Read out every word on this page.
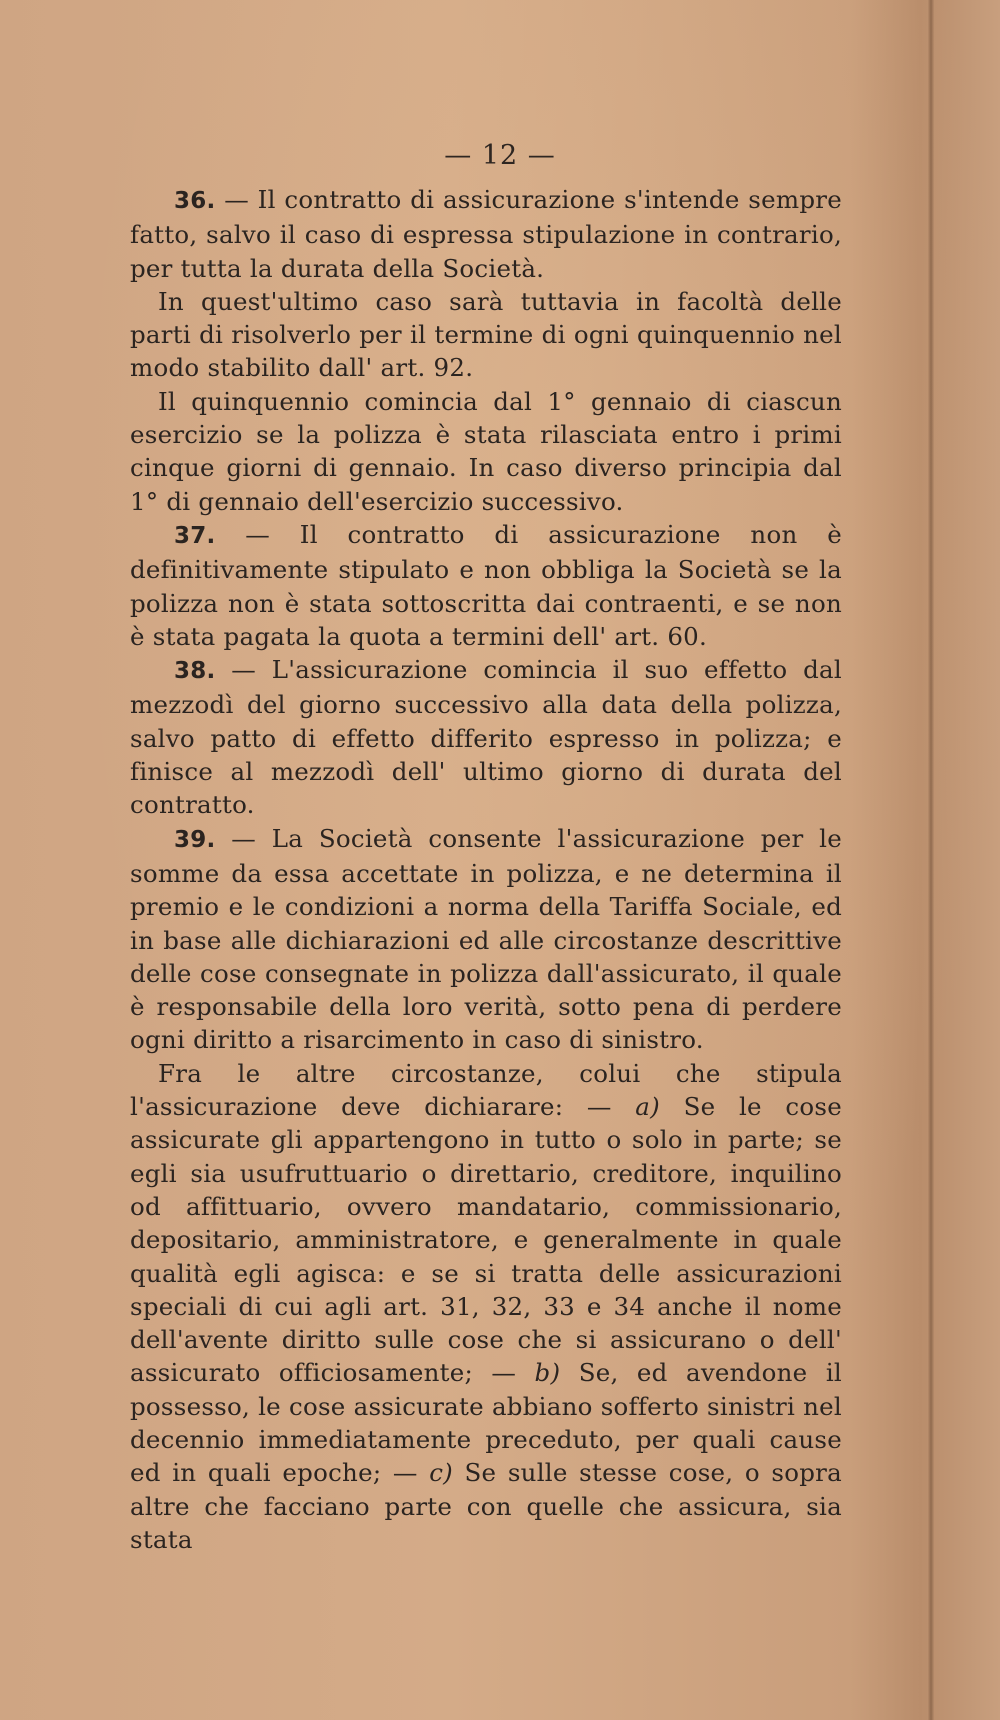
— 12 —

36. — Il contratto di assicurazione s'intende sempre fatto, salvo il caso di espressa stipulazione in contrario, per tutta la durata della Società.

In quest'ultimo caso sarà tuttavia in facoltà delle parti di risolverlo per il termine di ogni quinquennio nel modo stabilito dall' art. 92.

Il quinquennio comincia dal 1° gennaio di ciascun esercizio se la polizza è stata rilasciata entro i primi cinque giorni di gennaio. In caso diverso principia dal 1° di gennaio dell'esercizio successivo.

37. — Il contratto di assicurazione non è definitivamente stipulato e non obbliga la Società se la polizza non è stata sottoscritta dai contraenti, e se non è stata pagata la quota a termini dell' art. 60.

38. — L'assicurazione comincia il suo effetto dal mezzodì del giorno successivo alla data della polizza, salvo patto di effetto differito espresso in polizza; e finisce al mezzodì dell' ultimo giorno di durata del contratto.

39. — La Società consente l'assicurazione per le somme da essa accettate in polizza, e ne determina il premio e le condizioni a norma della Tariffa Sociale, ed in base alle dichiarazioni ed alle circostanze descrittive delle cose consegnate in polizza dall'assicurato, il quale è responsabile della loro verità, sotto pena di perdere ogni diritto a risarcimento in caso di sinistro.

Fra le altre circostanze, colui che stipula l'assicurazione deve dichiarare: — a) Se le cose assicurate gli appartengono in tutto o solo in parte; se egli sia usufruttuario o direttario, creditore, inquilino od affittuario, ovvero mandatario, commissionario, depositario, amministratore, e generalmente in quale qualità egli agisca: e se si tratta delle assicurazioni speciali di cui agli art. 31, 32, 33 e 34 anche il nome dell'avente diritto sulle cose che si assicurano o dell' assicurato officiosamente; — b) Se, ed avendone il possesso, le cose assicurate abbiano sofferto sinistri nel decennio immediatamente preceduto, per quali cause ed in quali epoche; — c) Se sulle stesse cose, o sopra altre che facciano parte con quelle che assicura, sia stata
